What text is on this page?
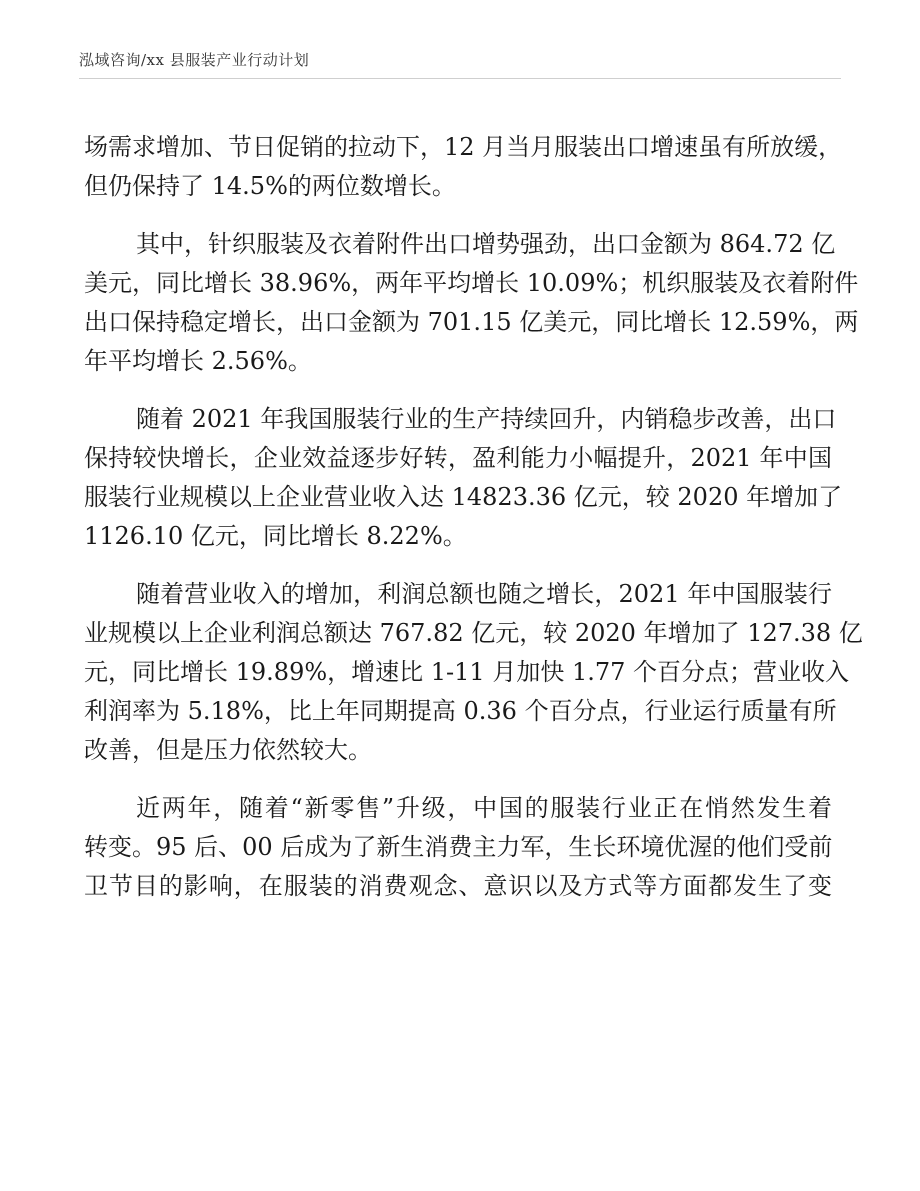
泓域咨询/xx 县服装产业行动计划
场需求增加、节日促销的拉动下，12 月当月服装出口增速虽有所放缓，
但仍保持了 14.5%的两位数增长。
其中，针织服装及衣着附件出口增势强劲，出口金额为 864.72 亿
美元，同比增长 38.96%，两年平均增长 10.09%；机织服装及衣着附件
出口保持稳定增长，出口金额为 701.15 亿美元，同比增长 12.59%，两
年平均增长 2.56%。
随着 2021 年我国服装行业的生产持续回升，内销稳步改善，出口
保持较快增长，企业效益逐步好转，盈利能力小幅提升，2021 年中国
服装行业规模以上企业营业收入达 14823.36 亿元，较 2020 年增加了
1126.10 亿元，同比增长 8.22%。
随着营业收入的增加，利润总额也随之增长，2021 年中国服装行
业规模以上企业利润总额达 767.82 亿元，较 2020 年增加了 127.38 亿
元，同比增长 19.89%，增速比 1-11 月加快 1.77 个百分点；营业收入
利润率为 5.18%，比上年同期提高 0.36 个百分点，行业运行质量有所
改善，但是压力依然较大。
近两年，随着“新零售”升级，中国的服装行业正在悄然发生着
转变。95 后、00 后成为了新生消费主力军，生长环境优渥的他们受前
卫节目的影响，在服装的消费观念、意识以及方式等方面都发生了变
